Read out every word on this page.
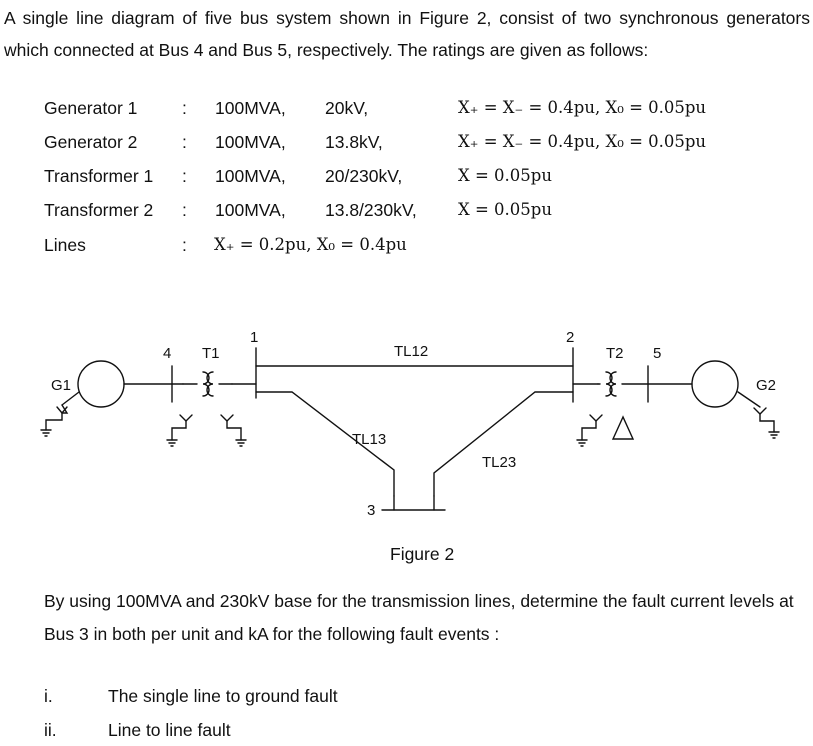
A single line diagram of five bus system shown in Figure 2, consist of two synchronous generators which connected at Bus 4 and Bus 5, respectively. The ratings are given as follows:

Generator 1	: 100MVA, 20kV,	X₊ = X₋ = 0.4pu, X₀ = 0.05pu
Generator 2	: 100MVA, 13.8kV,	X₊ = X₋ = 0.4pu, X₀ = 0.05pu
Transformer 1 : 100MVA, 20/230kV,	X = 0.05pu
Transformer 2 : 100MVA, 13.8/230kV, X = 0.05pu
Lines	: X₊ = 0.2pu, X₀ = 0.4pu
G1
4 T1
1
TL12
TL13
TL23
3
2
T2 5
G2
Figure 2

By using 100MVA and 230kV base for the transmission lines, determine the fault current levels at Bus 3 in both per unit and kA for the following fault events :

i.	The single line to ground fault
ii.	Line to line fault
